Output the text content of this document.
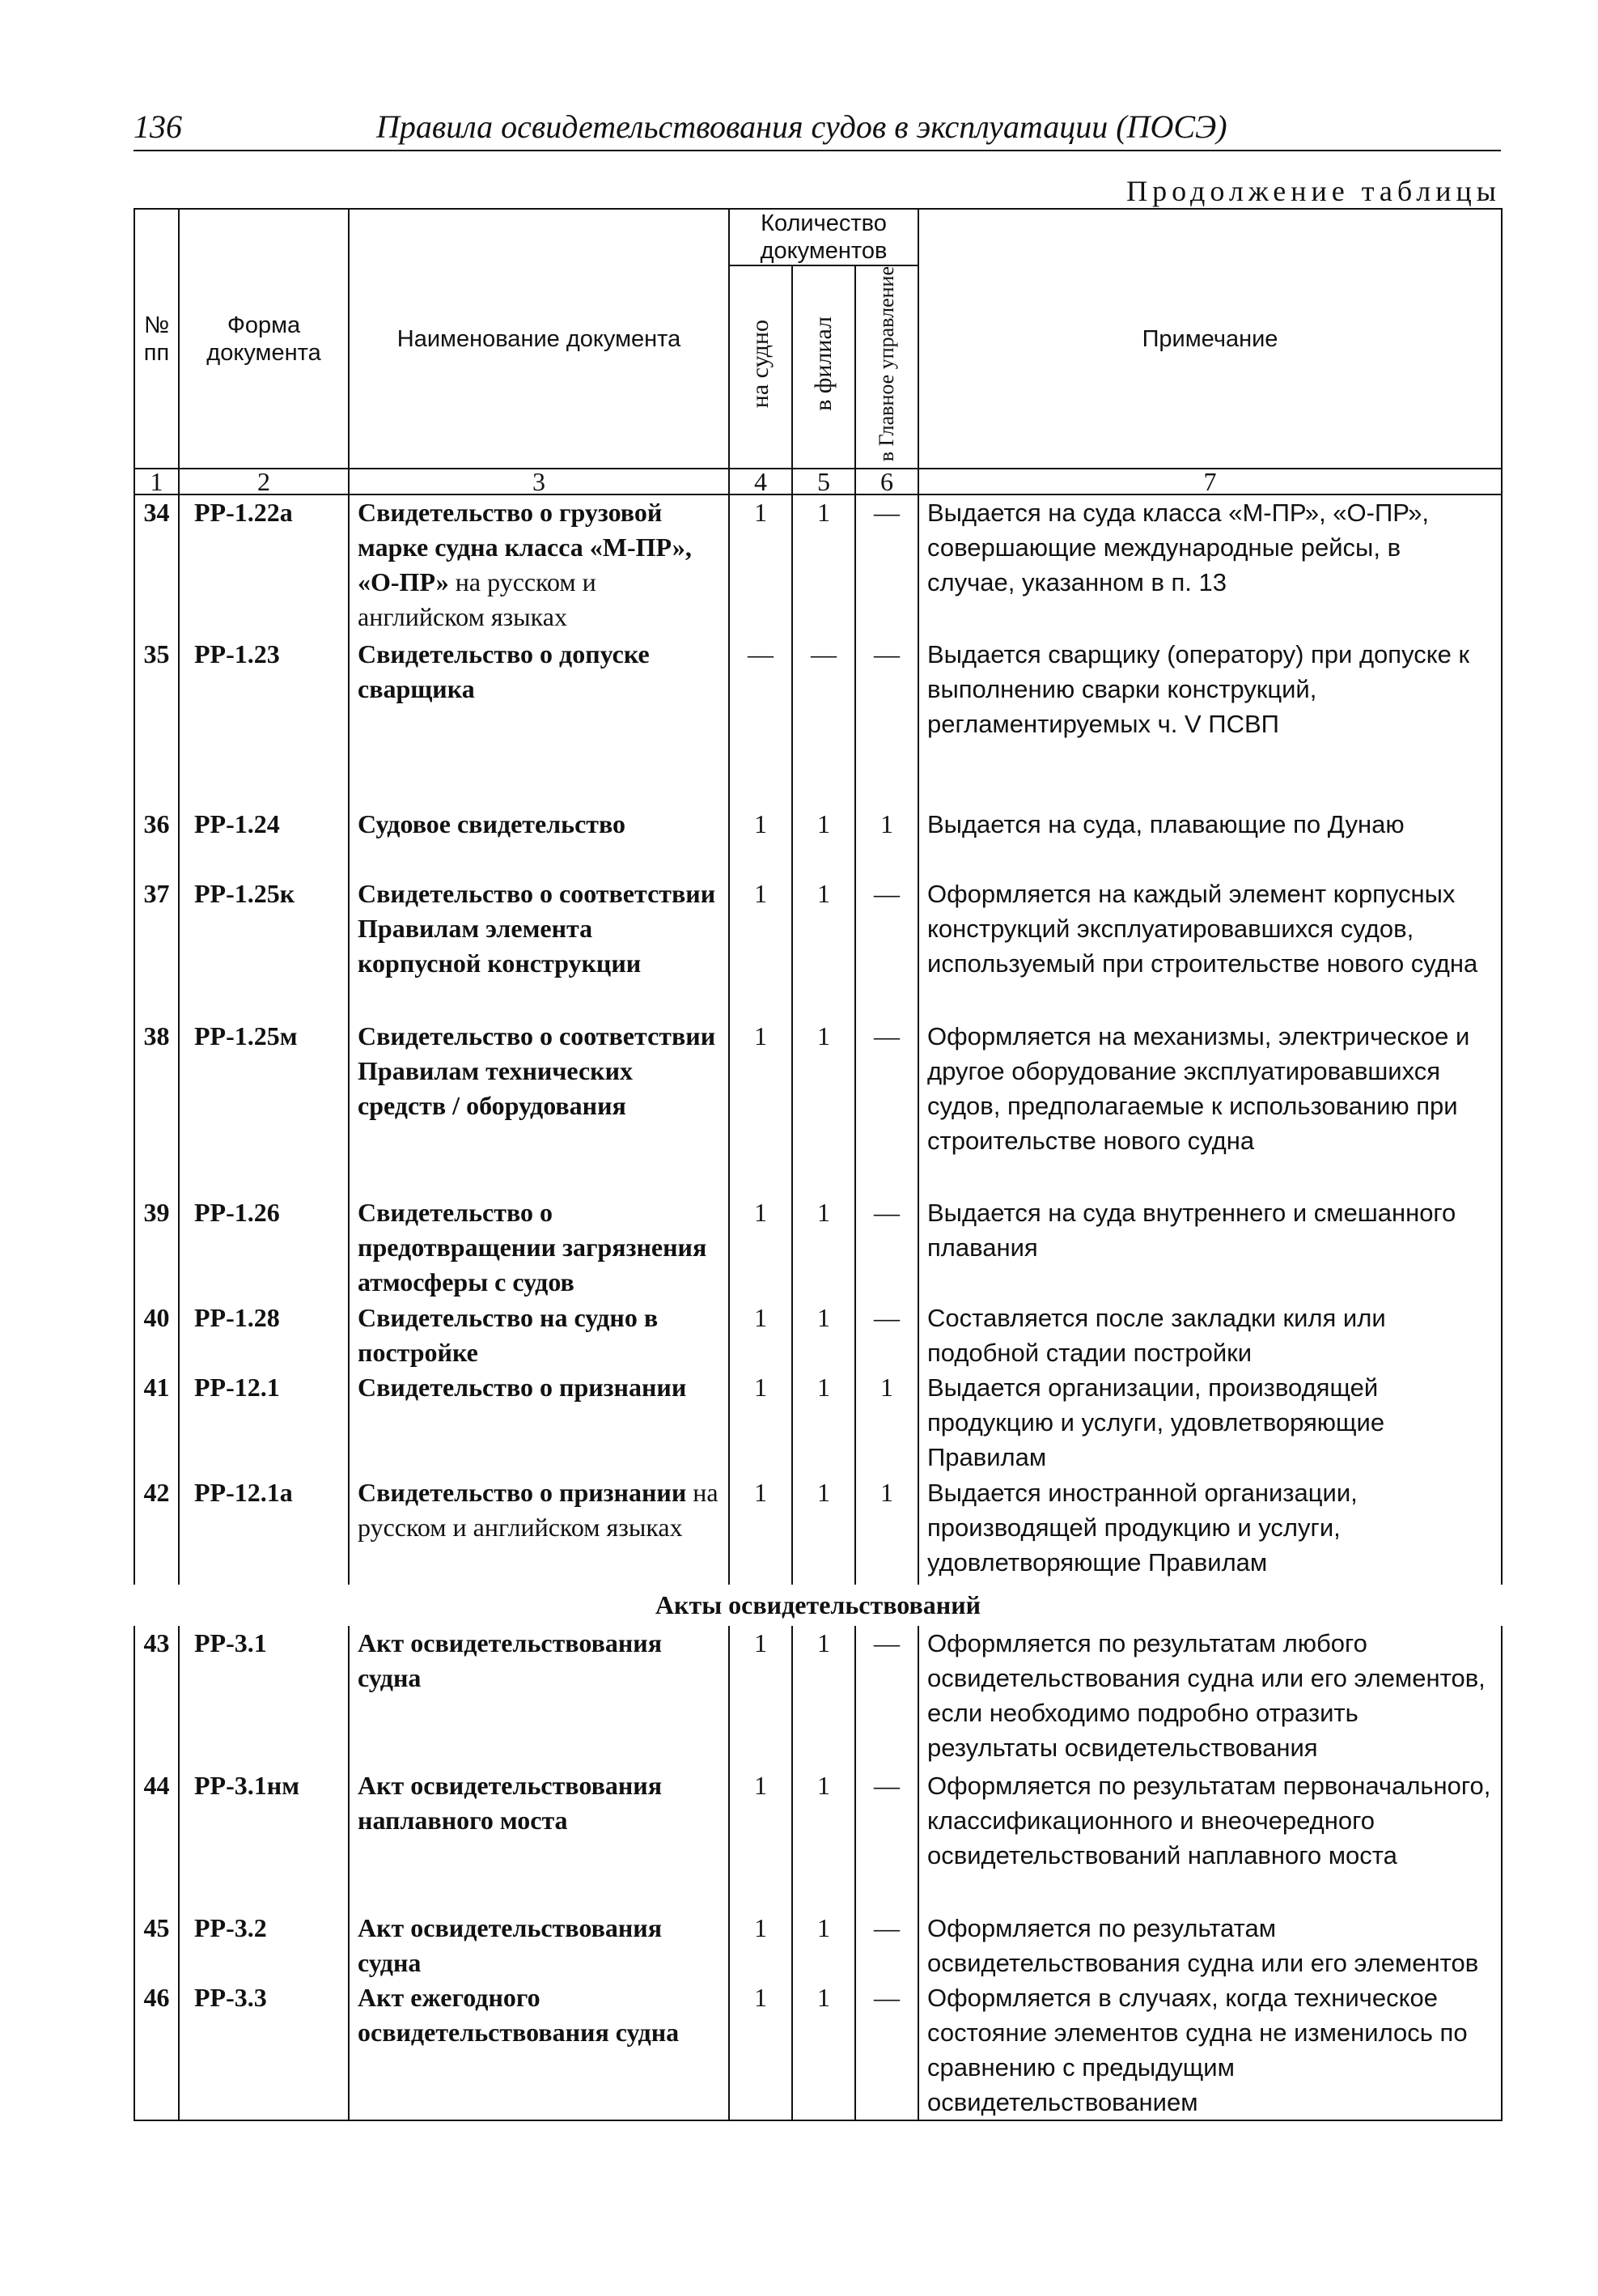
136	Правила освидетельствования судов в эксплуатации (ПОСЭ)
Продолжение таблицы
№ пп	Форма документа	Наименование документа	Количество документов			Примечание
			на судно	в филиал	в Главное управление	
1	2	3	4	5	6	7
34	РР-1.22а	Свидетельство о грузовой марке судна класса «М-ПР», «О-ПР» на русском и английском языках	1	1	—	Выдается на суда класса «М-ПР», «О-ПР», совершающие международные рейсы, в случае, указанном в п. 13
35	РР-1.23	Свидетельство о допуске сварщика	—	—	—	Выдается сварщику (оператору) при допуске к выполнению сварки конструкций, регламентируемых ч. V ПСВП
36	РР-1.24	Судовое свидетельство	1	1	1	Выдается на суда, плавающие по Дунаю
37	РР-1.25к	Свидетельство о соответствии Правилам элемента корпусной конструкции	1	1	—	Оформляется на каждый элемент корпусных конструкций эксплуатировавшихся судов, используемый при строительстве нового судна
38	РР-1.25м	Свидетельство о соответствии Правилам технических средств / оборудования	1	1	—	Оформляется на механизмы, электрическое и другое оборудование эксплуатировавшихся судов, предполагаемые к использованию при строительстве нового судна
39	РР-1.26	Свидетельство о предотвращении загрязнения атмосферы с судов	1	1	—	Выдается на суда внутреннего и смешанного плавания
40	РР-1.28	Свидетельство на судно в постройке	1	1	—	Составляется после закладки киля или подобной стадии постройки
41	РР-12.1	Свидетельство о признании	1	1	1	Выдается организации, производящей продукцию и услуги, удовлетворяющие Правилам
42	РР-12.1а	Свидетельство о признании на русском и английском языках	1	1	1	Выдается иностранной организации, производящей продукцию и услуги, удовлетворяющие Правилам
Акты освидетельствований						
43	РР-3.1	Акт освидетельствования судна	1	1	—	Оформляется по результатам любого освидетельствования судна или его элементов, если необходимо подробно отразить результаты освидетельствования
44	РР-3.1нм	Акт освидетельствования наплавного моста	1	1	—	Оформляется по результатам первоначального, классификационного и внеочередного освидетельствований наплавного моста
45	РР-3.2	Акт освидетельствования судна	1	1	—	Оформляется по результатам освидетельствования судна или его элементов
46	РР-3.3	Акт ежегодного освидетельствования судна	1	1	—	Оформляется в случаях, когда техническое состояние элементов судна не изменилось по сравнению с предыдущим освидетельствованием
